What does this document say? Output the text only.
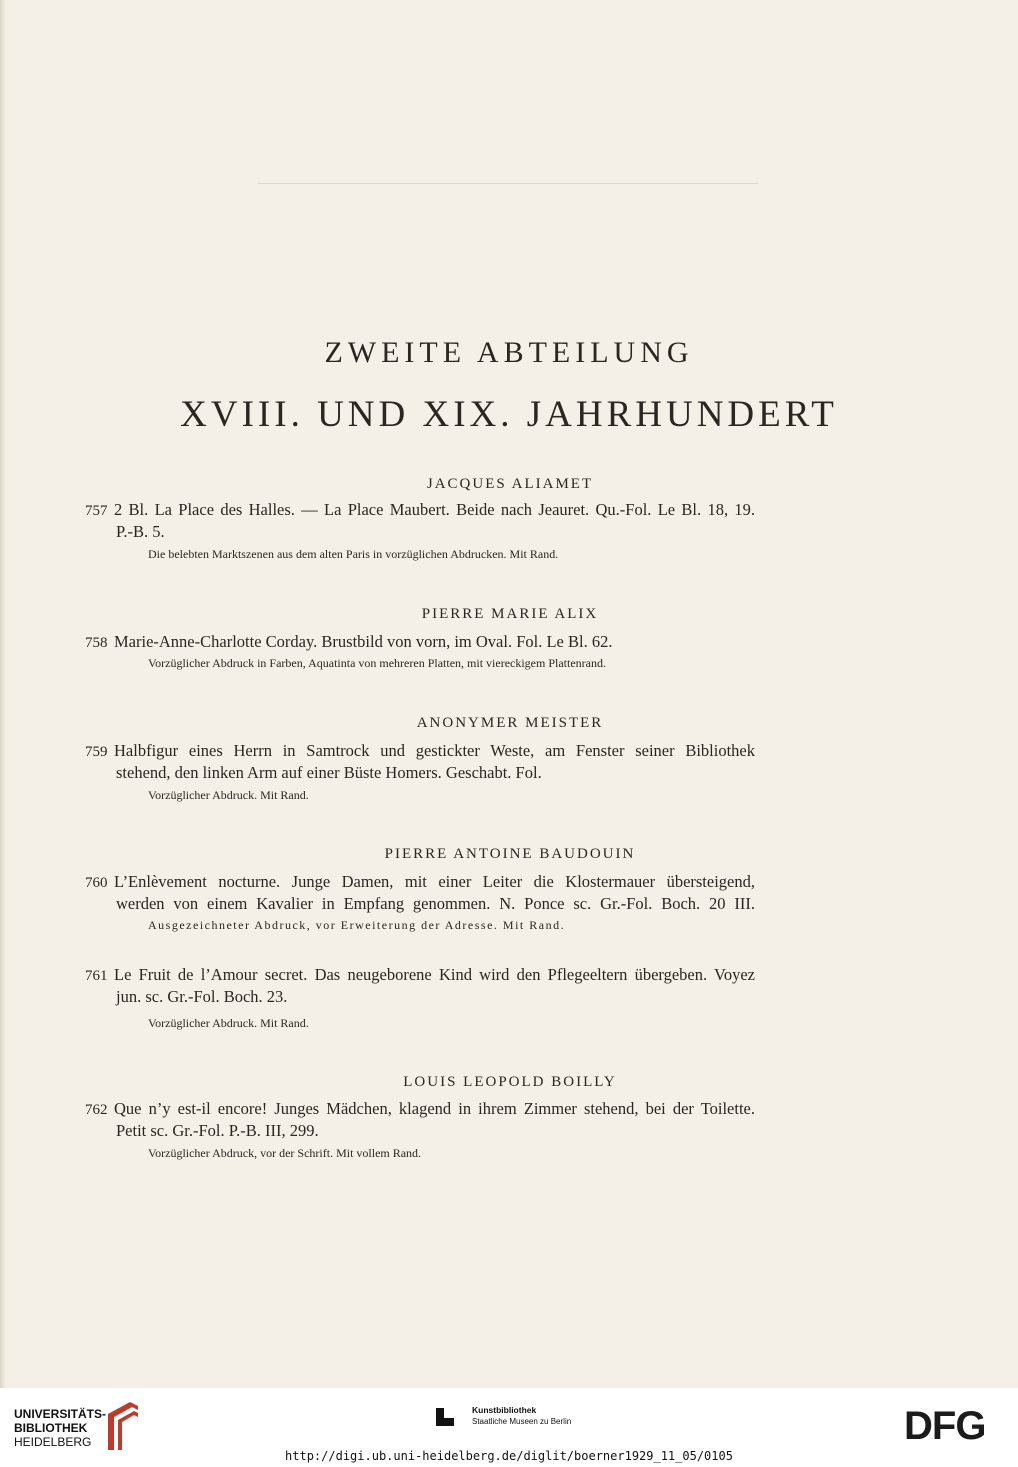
ZWEITE ABTEILUNG
XVIII. UND XIX. JAHRHUNDERT
JACQUES ALIAMET
757 2 Bl. La Place des Halles. — La Place Maubert. Beide nach Jeauret. Qu.-Fol. Le Bl. 18, 19.
P.-B. 5.
Die belebten Marktszenen aus dem alten Paris in vorzüglichen Abdrucken. Mit Rand.
PIERRE MARIE ALIX
758 Marie-Anne-Charlotte Corday. Brustbild von vorn, im Oval. Fol. Le Bl. 62.
Vorzüglicher Abdruck in Farben, Aquatinta von mehreren Platten, mit viereckigem Plattenrand.
ANONYMER MEISTER
759 Halbfigur eines Herrn in Samtrock und gestickter Weste, am Fenster seiner Bibliothek
stehend, den linken Arm auf einer Büste Homers. Geschabt. Fol.
Vorzüglicher Abdruck. Mit Rand.
PIERRE ANTOINE BAUDOUIN
760 L’Enlèvement nocturne. Junge Damen, mit einer Leiter die Klostermauer übersteigend,
werden von einem Kavalier in Empfang genommen. N. Ponce sc. Gr.-Fol. Boch. 20 III.
Ausgezeichneter Abdruck, vor Erweiterung der Adresse. Mit Rand.
761 Le Fruit de l’Amour secret. Das neugeborene Kind wird den Pflegeeltern übergeben. Voyez
jun. sc. Gr.-Fol. Boch. 23.
Vorzüglicher Abdruck. Mit Rand.
LOUIS LEOPOLD BOILLY
762 Que n’y est-il encore! Junges Mädchen, klagend in ihrem Zimmer stehend, bei der Toilette.
Petit sc. Gr.-Fol. P.-B. III, 299.
Vorzüglicher Abdruck, vor der Schrift. Mit vollem Rand.
UNIVERSITÄTS-
BIBLIOTHEK
HEIDELBERG
Kunstbibliothek
Staatliche Museen zu Berlin	DFG
http://digi.ub.uni-heidelberg.de/diglit/boerner1929_11_05/0105
